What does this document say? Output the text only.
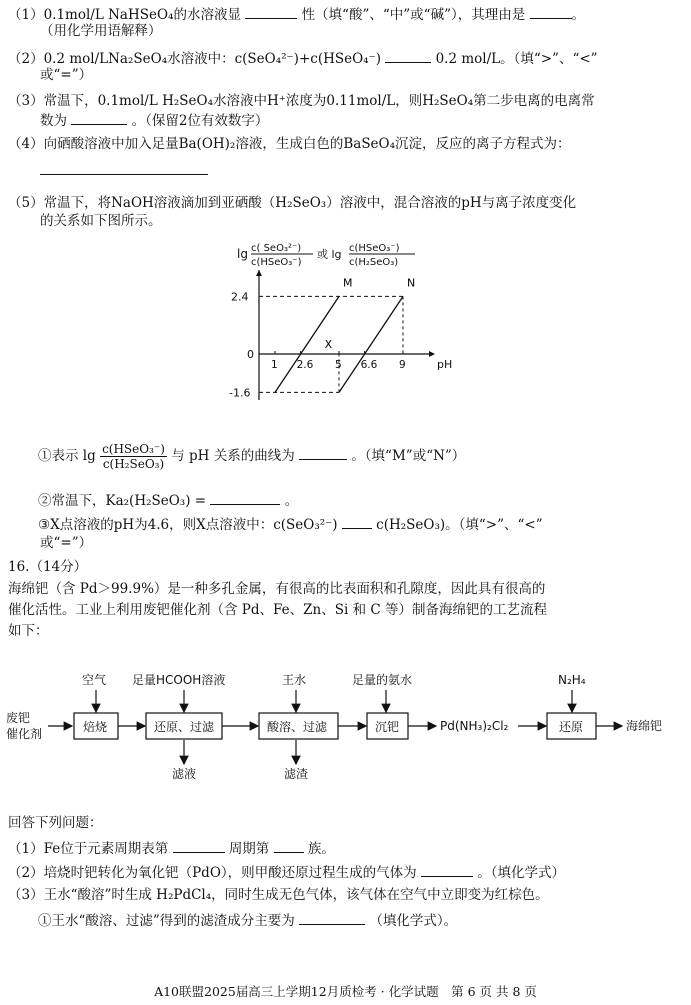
（1）0.1mol/L NaHSeO₄的水溶液显	性（填“酸”、“中”或“碱”），其理由是	。
（用化学用语解释）
（2）0.2 mol/LNa₂SeO₄水溶液中：c(SeO₄²⁻)+c(HSeO₄⁻)	0.2 mol/L。（填“>”、“<”
或“=”）
（3）常温下，0.1mol/L H₂SeO₄水溶液中H⁺浓度为0.11mol/L，则H₂SeO₄第二步电离的电离常
数为	。（保留2位有效数字）
（4）向硒酸溶液中加入足量Ba(OH)₂溶液，生成白色的BaSeO₄沉淀，反应的离子方程式为：
（5）常温下，将NaOH溶液滴加到亚硒酸（H₂SeO₃）溶液中，混合溶液的pH与离子浓度变化
的关系如下图所示。
lg c( SeO₃²⁻)
c(HSeO₃⁻)
或 lg c(HSeO₃⁻)
c(H₂SeO₃)
pH
2.4
0
-1.6
1 2.6 5 6.6 9
M	N
X
①表示 $\lg \frac{\text{c(HSeO₃⁻)}}{\text{c(H₂SeO₃)}}$ 与 pH 关系的曲线为	。（填“M”或“N”）
②常温下，Ka₂(H₂SeO₃) =	。
③X点溶液的pH为4.6，则X点溶液中：c(SeO₃²⁻)	c(H₂SeO₃)。（填“>”、“<”
或“=”）
16.（14分）
海绵钯（含 Pd＞99.9%）是一种多孔金属，有很高的比表面积和孔隙度，因此具有很高的
催化活性。工业上利用废钯催化剂（含 Pd、Fe、Zn、Si 和 C 等）制备海绵钯的工艺流程
如下：
废钯
催化剂
空气 足量HCOOH溶液	王水	足量的氨水	N₂H₄
焙烧	还原、过滤	酸溶、过滤	沉钯	还原
Pd(NH₃)₂Cl₂	海绵钯
滤液	滤渣
回答下列问题：
（1）Fe位于元素周期表第	周期第	族。
（2）培烧时钯转化为氧化钯（PdO），则甲酸还原过程生成的气体为	。（填化学式）
（3）王水“酸溶”时生成 H₂PdCl₄，同时生成无色气体，该气体在空气中立即变为红棕色。
①王水“酸溶、过滤”得到的滤渣成分主要为	（填化学式）。
A10联盟2025届高三上学期12月质检考 · 化学试题　第 6 页 共 8 页
